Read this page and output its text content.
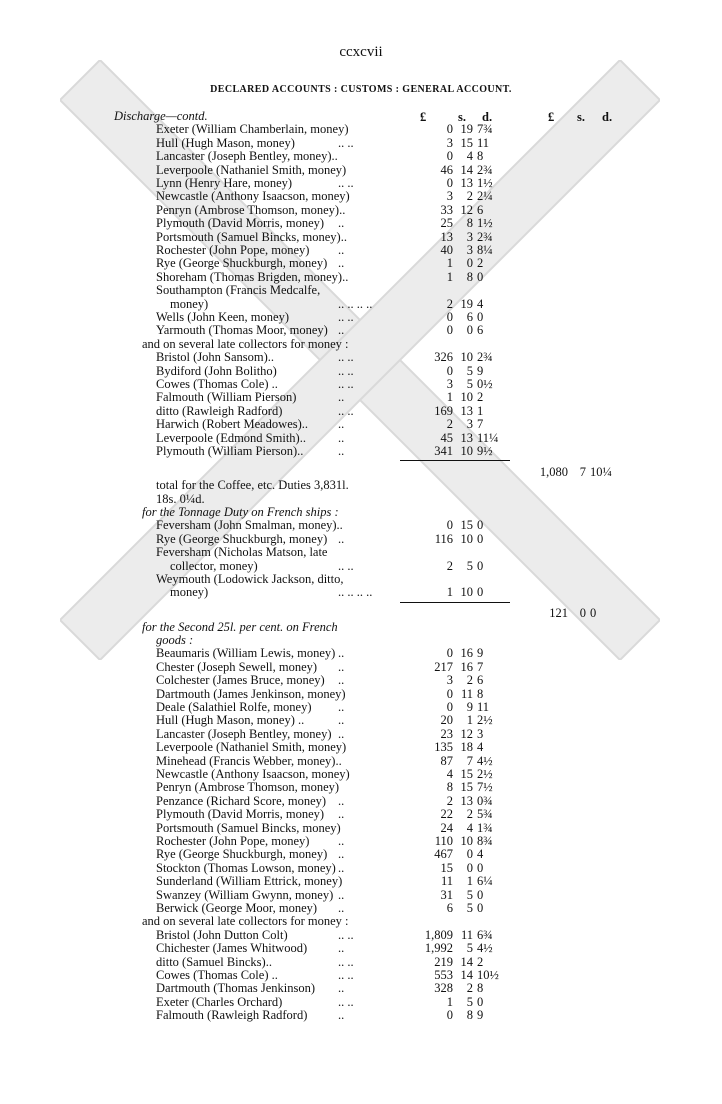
ccxcvii
DECLARED ACCOUNTS : CUSTOMS : GENERAL ACCOUNT.
£	s. d.	£ s. d.
Discharge—contd.
Exeter (William Chamberlain, money)	0 19 7¾
Hull (Hugh Mason, money)	.. ..	3 15 11
Lancaster (Joseph Bentley, money)..	0	4 8
Leverpoole (Nathaniel Smith, money)	46 14 2¾
Lynn (Henry Hare, money)	.. ..	0 13 1½
Newcastle (Anthony Isaacson, money)	3	2 2¼
Penryn (Ambrose Thomson, money)..	33 12 6
Plymouth (David Morris, money) ..	25	8 1½
Portsmouth (Samuel Bincks, money)..	13	3 2¾
Rochester (John Pope, money) ..	40	3 8¼
Rye (George Shuckburgh, money) ..	1	0 2
Shoreham (Thomas Brigden, money)..	1	8 0
Southampton (Francis Medcalfe,
money)	.. .. .. ..	2 19 4
Wells (John Keen, money)	.. ..	0	6 0
Yarmouth (Thomas Moor, money) ..	0	0 6
and on several late collectors for money :
Bristol (John Sansom)..	.. ..	326 10 2¾
Bydiford (John Bolitho)	.. ..	0	5 9
Cowes (Thomas Cole) ..	.. ..	3	5 0½
Falmouth (William Pierson)	..	1 10 2
ditto (Rawleigh Radford)	.. ..	169 13 1
Harwich (Robert Meadowes).. ..	2	3 7
Leverpoole (Edmond Smith)..	..	45 13 11¼
Plymouth (William Pierson)..	..	341 10 9½
1,080 7 10¼
total for the Coffee, etc. Duties 3,831l.
18s. 0¼d.
for the Tonnage Duty on French ships :
Feversham (John Smalman, money)..	0 15 0
Rye (George Shuckburgh, money) ..	116 10 0
Feversham (Nicholas Matson, late
collector, money)	.. ..	2	5 0
Weymouth (Lodowick Jackson, ditto,
money)	.. .. .. ..	1 10 0
121 0 0
for the Second 25l. per cent. on French
goods :
Beaumaris (William Lewis, money) ..	0 16 9
Chester (Joseph Sewell, money) ..	217 16 7
Colchester (James Bruce, money) ..	3	2 6
Dartmouth (James Jenkinson, money)	0 11 8
Deale (Salathiel Rolfe, money) ..	0	9 11
Hull (Hugh Mason, money) ..	..	20	1 2½
Lancaster (Joseph Bentley, money) ..	23 12 3
Leverpoole (Nathaniel Smith, money)	135 18 4
Minehead (Francis Webber, money)..	87	7 4½
Newcastle (Anthony Isaacson, money)	4 15 2½
Penryn (Ambrose Thomson, money)	8 15 7½
Penzance (Richard Score, money) ..	2 13 0¾
Plymouth (David Morris, money) ..	22	2 5¾
Portsmouth (Samuel Bincks, money)	24	4 1¾
Rochester (John Pope, money) ..	110 10 8¾
Rye (George Shuckburgh, money) ..	467	0 4
Stockton (Thomas Lowson, money) ..	15	0 0
Sunderland (William Ettrick, money)	11	1 6¼
Swanzey (William Gwynn, money) ..	31	5 0
Berwick (George Moor, money) ..	6	5 0
and on several late collectors for money :
Bristol (John Dutton Colt)	.. ..	1,809 11 6¾
Chichester (James Whitwood) ..	1,992	5 4½
ditto (Samuel Bincks)..	.. ..	219 14 2
Cowes (Thomas Cole) ..	.. ..	553 14 10½
Dartmouth (Thomas Jenkinson) ..	328	2 8
Exeter (Charles Orchard)	.. ..	1	5 0
Falmouth (Rawleigh Radford) ..	0	8 9
